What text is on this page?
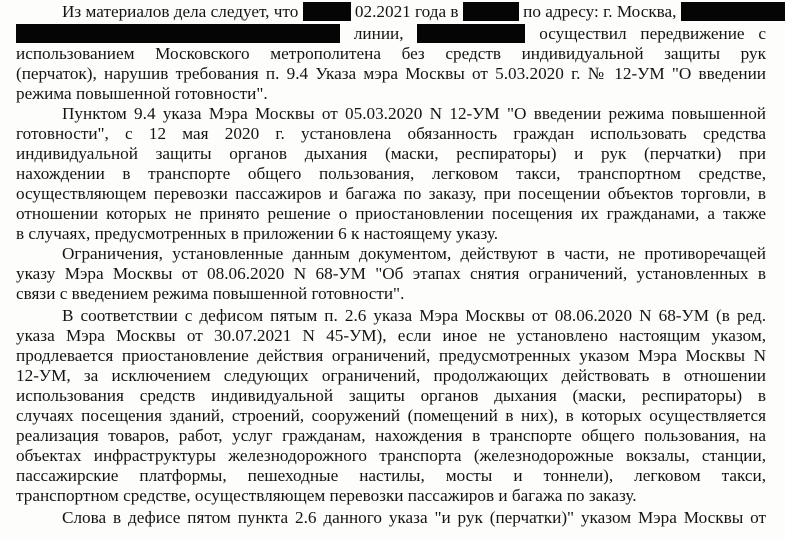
Из материалов дела следует, что	02.2021 года в	по адресу: г. Москва,
линии,	осуществил передвижение с
использованием Московского метрополитена без средств индивидуальной защиты рук
(перчаток), нарушив требования п. 9.4 Указа мэра Москвы от 5.03.2020 г. № 12-УМ "О введении
режима повышенной готовности".
Пунктом 9.4 указа Мэра Москвы от 05.03.2020 N 12-УМ "О введении режима повышенной
готовности", с 12 мая 2020 г. установлена обязанность граждан использовать средства
индивидуальной защиты органов дыхания (маски, респираторы) и рук (перчатки) при
нахождении в транспорте общего пользования, легковом такси, транспортном средстве,
осуществляющем перевозки пассажиров и багажа по заказу, при посещении объектов торговли, в
отношении которых не принято решение о приостановлении посещения их гражданами, а также
в случаях, предусмотренных в приложении 6 к настоящему указу.
Ограничения, установленные данным документом, действуют в части, не противоречащей
указу Мэра Москвы от 08.06.2020 N 68-УМ "Об этапах снятия ограничений, установленных в
связи с введением режима повышенной готовности".
В соответствии с дефисом пятым п. 2.6 указа Мэра Москвы от 08.06.2020 N 68-УМ (в ред.
указа Мэра Москвы от 30.07.2021 N 45-УМ), если иное не установлено настоящим указом,
продлевается приостановление действия ограничений, предусмотренных указом Мэра Москвы N
12-УМ, за исключением следующих ограничений, продолжающих действовать в отношении
использования средств индивидуальной защиты органов дыхания (маски, респираторы) в
случаях посещения зданий, строений, сооружений (помещений в них), в которых осуществляется
реализация товаров, работ, услуг гражданам, нахождения в транспорте общего пользования, на
объектах инфраструктуры железнодорожного транспорта (железнодорожные вокзалы, станции,
пассажирские платформы, пешеходные настилы, мосты и тоннели), легковом такси,
транспортном средстве, осуществляющем перевозки пассажиров и багажа по заказу.
Слова в дефисе пятом пункта 2.6 данного указа "и рук (перчатки)" указом Мэра Москвы от
